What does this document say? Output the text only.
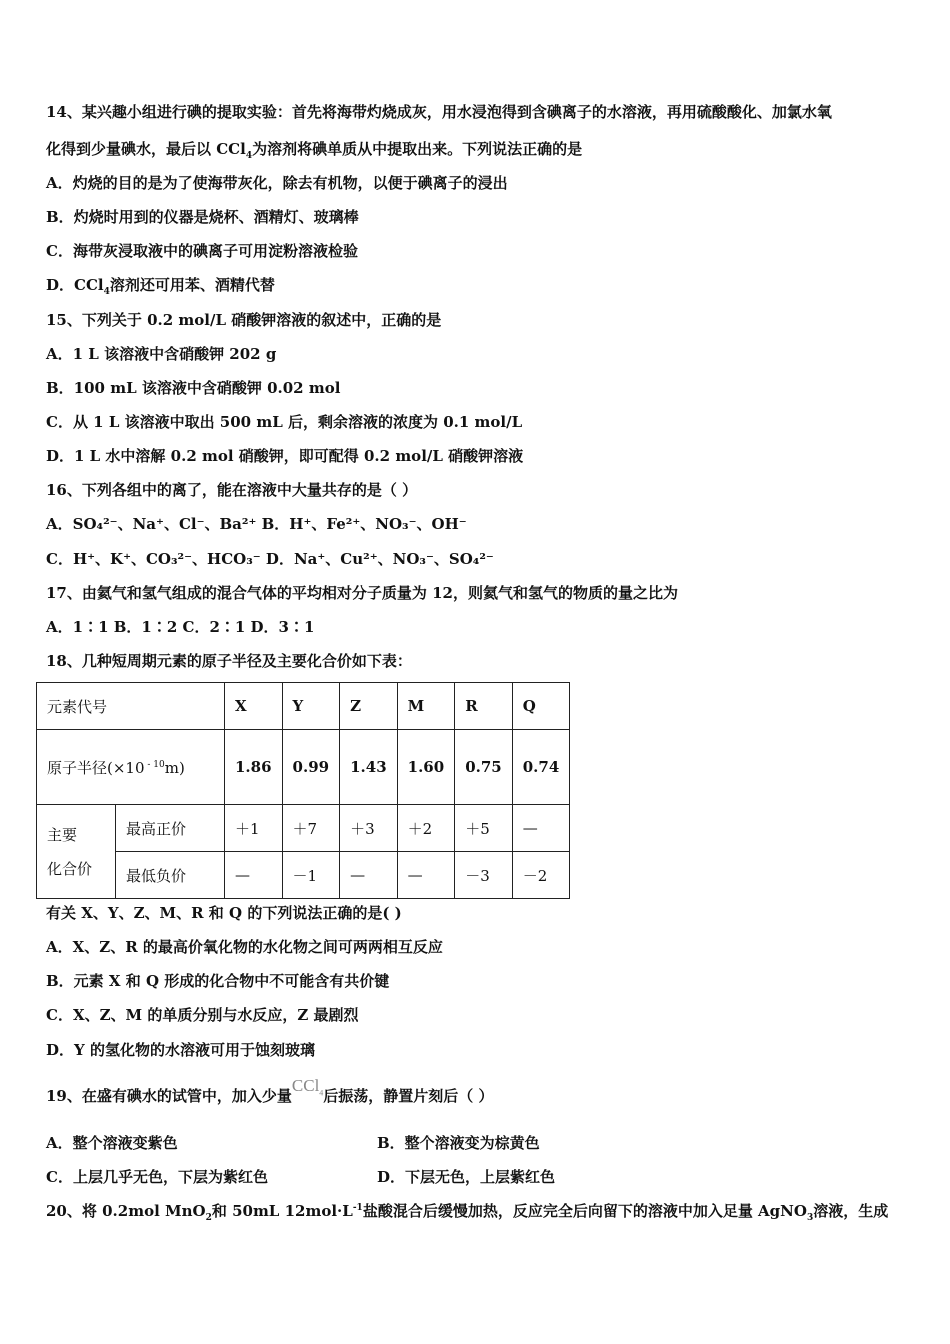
14、某兴趣小组进行碘的提取实验：首先将海带灼烧成灰，用水浸泡得到含碘离子的水溶液，再用硫酸酸化、加氯水氧
化得到少量碘水，最后以 CCl$_4$为溶剂将碘单质从中提取出来。下列说法正确的是
A．灼烧的目的是为了使海带灰化，除去有机物，以便于碘离子的浸出
B．灼烧时用到的仪器是烧杯、酒精灯、玻璃棒
C．海带灰浸取液中的碘离子可用淀粉溶液检验
D．CCl$_4$溶剂还可用苯、酒精代替
15、下列关于 0.2 mol/L 硝酸钾溶液的叙述中，正确的是
A．1 L 该溶液中含硝酸钾 202 g
B．100 mL 该溶液中含硝酸钾 0.02 mol
C．从 1 L 该溶液中取出 500 mL 后，剩余溶液的浓度为 0.1 mol/L
D．1 L 水中溶解 0.2 mol 硝酸钾，即可配得 0.2 mol/L 硝酸钾溶液
16、下列各组中的离了，能在溶液中大量共存的是（ ）
A．SO₄²⁻、Na⁺、Cl⁻、Ba²⁺ B．H⁺、Fe²⁺、NO₃⁻、OH⁻
C．H⁺、K⁺、CO₃²⁻、HCO₃⁻ D．Na⁺、Cu²⁺、NO₃⁻、SO₄²⁻
17、由氦气和氢气组成的混合气体的平均相对分子质量为 12，则氦气和氢气的物质的量之比为
A．1∶1 B．1∶2 C．2∶1 D．3∶1
18、几种短周期元素的原子半径及主要化合价如下表：
元素代号		X	Y	Z	M	R	Q
原子半径(×10 $^{- 10}$m)		1.86	0.99	1.43	1.60	0.75	0.74
主要
化合价	最高正价	＋1	＋7	＋3	＋2	＋5	—
	最低负价	—	－1	—	—	－3	－2
有关 X、Y、Z、M、R 和 Q 的下列说法正确的是( )
A．X、Z、R 的最高价氧化物的水化物之间可两两相互反应
B．元素 X 和 Q 形成的化合物中不可能含有共价键
C．X、Z、M 的单质分别与水反应，Z 最剧烈
D．Y 的氢化物的水溶液可用于蚀刻玻璃
19、在盛有碘水的试管中，加入少量CCl$_4$后振荡，静置片刻后（ ）
A．整个溶液变紫色	B．整个溶液变为棕黄色
C．上层几乎无色，下层为紫红色	D．下层无色，上层紫红色
20、将 0.2mol MnO$_2$和 50mL $12mol\cdot L^{-1}$盐酸混合后缓慢加热，反应完全后向留下的溶液中加入足量 AgNO$_3$溶液，生成
